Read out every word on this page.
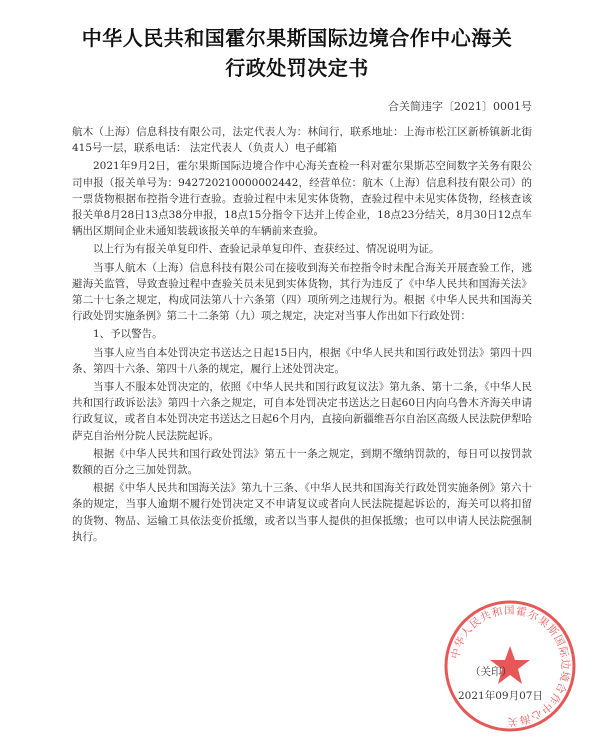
中华人民共和国霍尔果斯国际边境合作中心海关
行政处罚决定书
合关简违字〔2021〕0001号

航木（上海）信息科技有限公司，法定代表人为：林间行，联系地址：上海市松江区新桥镇新北街415号一层，联系电话： 法定代表人（负责人）电子邮箱

2021年9月2日，霍尔果斯国际边境合作中心海关查检一科对霍尔果斯芯空间数字关务有限公司申报（报关单号为：942720210000002442，经营单位：航木（上海）信息科技有限公司）的一票货物根据布控指令进行查验。查验过程中未见实体货物，查验过程中未见实体货物，经核查该报关单8月28日13点38分申报，18点15分指令下达并上传企业，18点23分结关，8月30日12点车辆出区期间企业未通知装载该报关单的车辆前来查验。

以上行为有报关单复印件、查验记录单复印件、查获经过、情况说明为证。

当事人航木（上海）信息科技有限公司在接收到海关布控指令时未配合海关开展查验工作，逃避海关监管，导致查验过程中查验关员未见到实体货物，其行为违反了《中华人民共和国海关法》第二十七条之规定，构成同法第八十六条第（四）项所列之违规行为。根据《中华人民共和国海关行政处罚实施条例》第二十二条第（九）项之规定，决定对当事人作出如下行政处罚：

1、予以警告。

当事人应当自本处罚决定书送达之日起15日内，根据《中华人民共和国行政处罚法》第四十四条、第四十六条、第四十八条的规定，履行上述处罚决定。

当事人不服本处罚决定的，依照《中华人民共和国行政复议法》第九条、第十二条，《中华人民共和国行政诉讼法》第四十六条之规定，可自本处罚决定书送达之日起60日内向乌鲁木齐海关申请行政复议，或者自本处罚决定书送达之日起6个月内，直接向新疆维吾尔自治区高级人民法院伊犁哈萨克自治州分院人民法院起诉。

根据《中华人民共和国行政处罚法》第五十一条之规定，到期不缴纳罚款的，每日可以按罚款数额的百分之三加处罚款。

根据《中华人民共和国海关法》第九十三条、《中华人民共和国海关行政处罚实施条例》第六十条的规定，当事人逾期不履行处罚决定又不申请复议或者向人民法院提起诉讼的，海关可以将扣留的货物、物品、运输工具依法变价抵缴，或者以当事人提供的担保抵缴；也可以申请人民法院强制执行。

中华人民共和国霍尔果斯国际边境合作中心海关
（关印）
2021年09月07日
